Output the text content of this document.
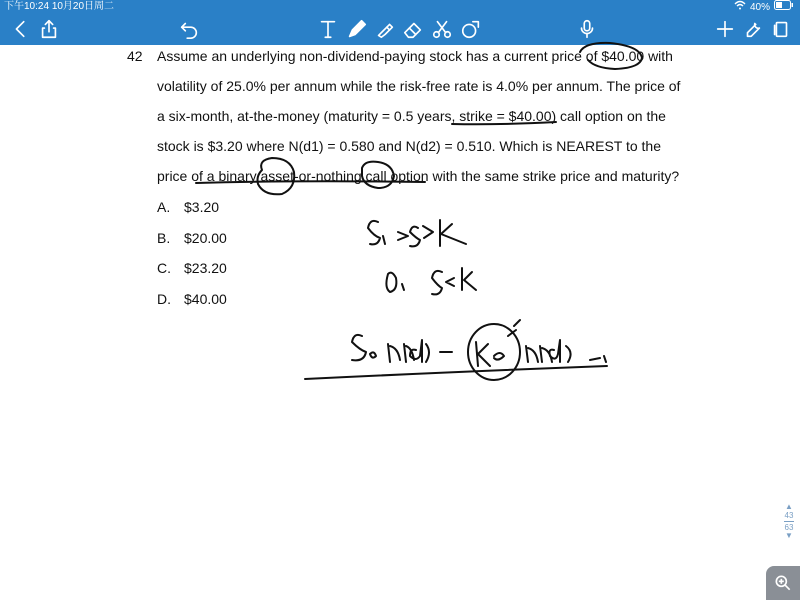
下午10:24 10月20日周二	40%
42 Assume an underlying non-dividend-paying stock has a current price of $40.00 with
volatility of 25.0% per annum while the risk-free rate is 4.0% per annum. The price of
a six-month, at-the-money (maturity = 0.5 years, strike = $40.00) call option on the
stock is $3.20 where N(d1) = 0.580 and N(d2) = 0.510. Which is NEAREST to the
price of a binary asset-or-nothing call option with the same strike price and maturity?
A. $3.20
B. $20.00
C. $23.20
D. $40.00
▲
43
63
▼
